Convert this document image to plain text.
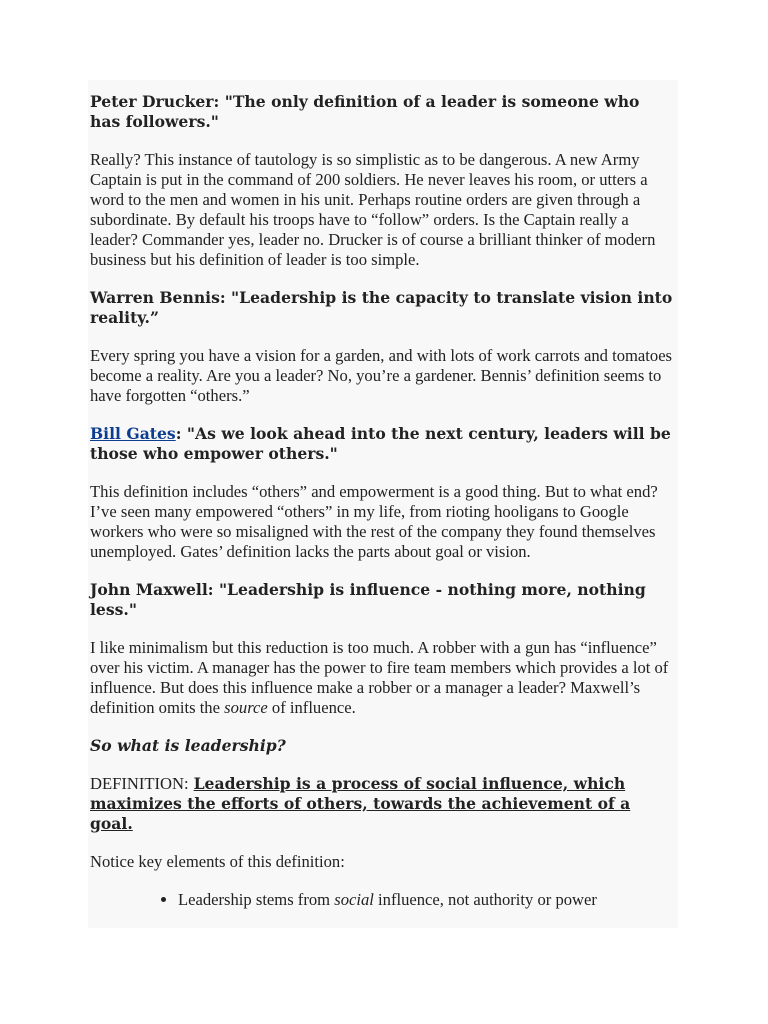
Peter Drucker: "The only definition of a leader is someone who has followers."

Really? This instance of tautology is so simplistic as to be dangerous. A new Army Captain is put in the command of 200 soldiers. He never leaves his room, or utters a word to the men and women in his unit. Perhaps routine orders are given through a subordinate. By default his troops have to “follow” orders. Is the Captain really a leader? Commander yes, leader no. Drucker is of course a brilliant thinker of modern business but his definition of leader is too simple.

Warren Bennis: "Leadership is the capacity to translate vision into reality.”

Every spring you have a vision for a garden, and with lots of work carrots and tomatoes become a reality. Are you a leader? No, you’re a gardener. Bennis’ definition seems to have forgotten “others.”

Bill Gates: "As we look ahead into the next century, leaders will be those who empower others."

This definition includes “others” and empowerment is a good thing. But to what end? I’ve seen many empowered “others” in my life, from rioting hooligans to Google workers who were so misaligned with the rest of the company they found themselves unemployed. Gates’ definition lacks the parts about goal or vision.

John Maxwell: "Leadership is influence - nothing more, nothing less."

I like minimalism but this reduction is too much. A robber with a gun has “influence” over his victim. A manager has the power to fire team members which provides a lot of influence. But does this influence make a robber or a manager a leader? Maxwell’s definition omits the source of influence.

So what is leadership?

DEFINITION: Leadership is a process of social influence, which maximizes the efforts of others, towards the achievement of a goal.

Notice key elements of this definition:

• Leadership stems from social influence, not authority or power
